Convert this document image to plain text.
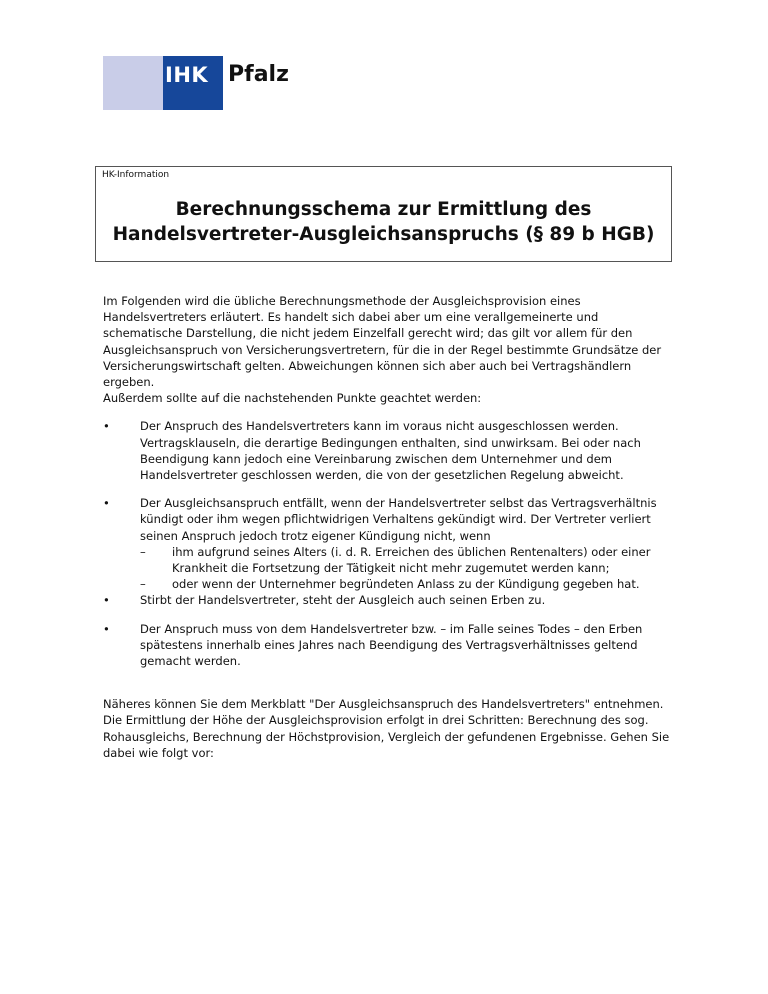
IHK Pfalz
HK-Information
Berechnungsschema zur Ermittlung des
Handelsvertreter-Ausgleichsanspruchs (§ 89 b HGB)

Im Folgenden wird die übliche Berechnungsmethode der Ausgleichsprovision eines Handelsvertreters erläutert. Es handelt sich dabei aber um eine verallgemeinerte und schematische Darstellung, die nicht jedem Einzelfall gerecht wird; das gilt vor allem für den Ausgleichsanspruch von Versicherungsvertretern, für die in der Regel bestimmte Grundsätze der Versicherungswirtschaft gelten. Abweichungen können sich aber auch bei Vertragshändlern ergeben.

Außerdem sollte auf die nachstehenden Punkte geachtet werden:

•	Der Anspruch des Handelsvertreters kann im voraus nicht ausgeschlossen werden. Vertragsklauseln, die derartige Bedingungen enthalten, sind unwirksam. Bei oder nach Beendigung kann jedoch eine Vereinbarung zwischen dem Unternehmer und dem Handelsvertreter geschlossen werden, die von der gesetzlichen Regelung abweicht.
•	Der Ausgleichsanspruch entfällt, wenn der Handelsvertreter selbst das Vertragsverhältnis kündigt oder ihm wegen pflichtwidrigen Verhaltens gekündigt wird. Der Vertreter verliert seinen Anspruch jedoch trotz eigener Kündigung nicht, wenn
– ihm aufgrund seines Alters (i. d. R. Erreichen des üblichen Rentenalters) oder einer Krankheit die Fortsetzung der Tätigkeit nicht mehr zugemutet werden kann;
– oder wenn der Unternehmer begründeten Anlass zu der Kündigung gegeben hat.
•	Stirbt der Handelsvertreter, steht der Ausgleich auch seinen Erben zu.
•	Der Anspruch muss von dem Handelsvertreter bzw. – im Falle seines Todes – den Erben spätestens innerhalb eines Jahres nach Beendigung des Vertragsverhältnisses geltend gemacht werden.

Näheres können Sie dem Merkblatt "Der Ausgleichsanspruch des Handelsvertreters" entnehmen.

Die Ermittlung der Höhe der Ausgleichsprovision erfolgt in drei Schritten: Berechnung des sog. Rohausgleichs, Berechnung der Höchstprovision, Vergleich der gefundenen Ergebnisse. Gehen Sie dabei wie folgt vor:
